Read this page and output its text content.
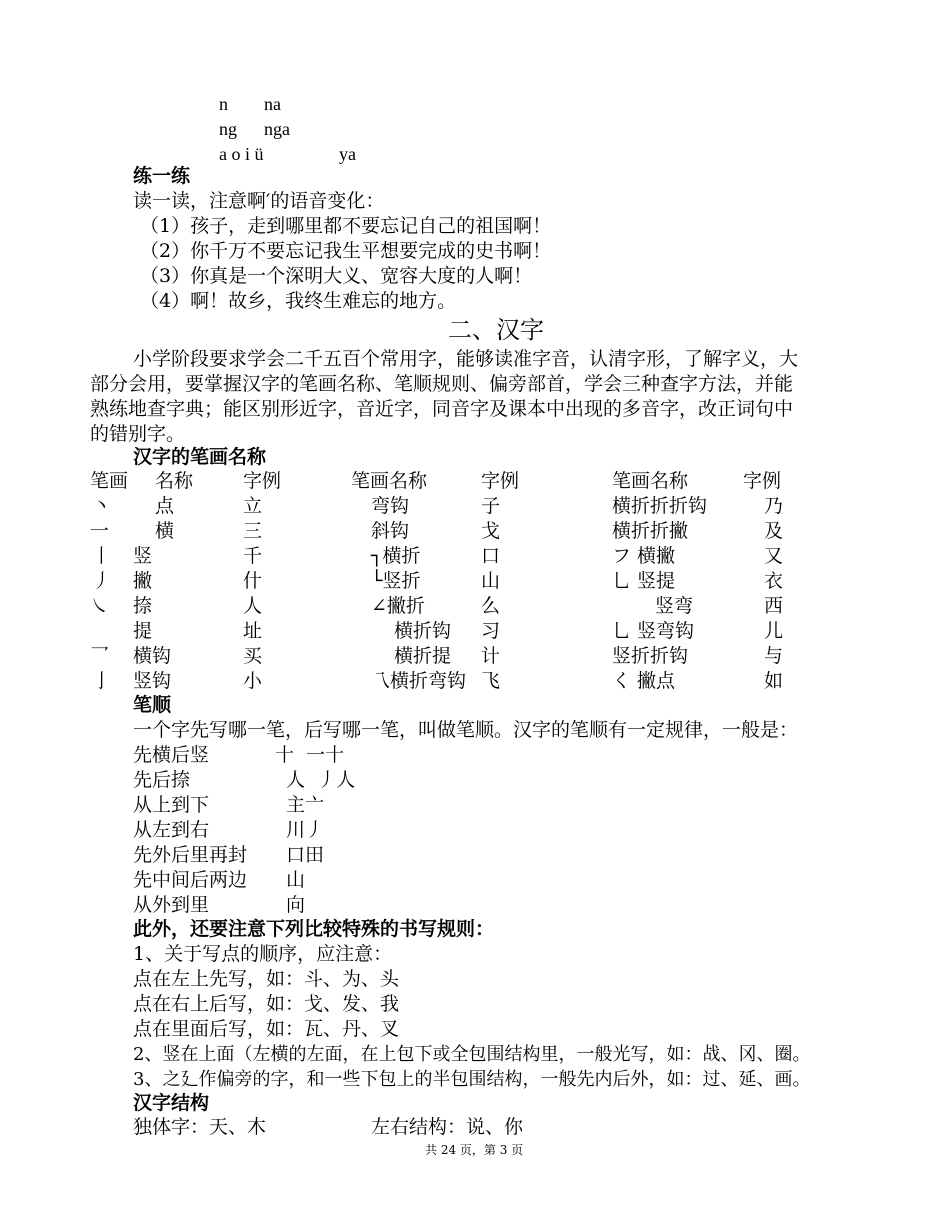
n na
ng nga
a o i ü	ya
练一练
读一读，注意啊′的语音变化：
（1）孩子，走到哪里都不要忘记自己的祖国啊！
（2）你千万不要忘记我生平想要完成的史书啊！
（3）你真是一个深明大义、宽容大度的人啊！
（4）啊！故乡，我终生难忘的地方。
二、汉字
小学阶段要求学会二千五百个常用字，能够读准字音，认清字形，了解字义，大
部分会用，要掌握汉字的笔画名称、笔顺规则、偏旁部首，学会三种查字方法，并能
熟练地查字典；能区别形近字，音近字，同音字及课本中出现的多音字，改正词句中
的错别字。
汉字的笔画名称
笔画 名称	字例	笔画名称	字例	笔画名称	字例
丶 点	立	弯钩	子	横折折折钩	乃
一 横	三	斜钩	戈	横折折撇	及
丨 竖	千	┐横折	口	フ 横撇	又
丿 撇	什	└竖折	山	乚 竖提	衣
㇏ 捺	人	∠撇折	么	竖弯	西
提	址	横折钩 习	乚 竖弯钩	儿
乛 横钩	买	横折提 计	竖折折钩	与
亅 竖钩	小	乁横折弯钩 飞	く 撇点	如
笔顺
一个字先写哪一笔，后写哪一笔，叫做笔顺。汉字的笔顺有一定规律，一般是：
先横后竖	十  一十
先后捺	人  丿人
从上到下	主亠
从左到右	川丿
先外后里再封 口田
先中间后两边 山
从外到里	向
此外，还要注意下列比较特殊的书写规则：
1、关于写点的顺序，应注意：
点在左上先写，如：斗、为、头
点在右上后写，如：戈、发、我
点在里面后写，如：瓦、丹、叉
2、竖在上面（左横的左面，在上包下或全包围结构里，一般光写，如：战、冈、圈。
3、之廴作偏旁的字，和一些下包上的半包围结构，一般先内后外，如：过、延、画。
汉字结构
独体字：天、木	左右结构：说、你
共 24 页，第 3 页
